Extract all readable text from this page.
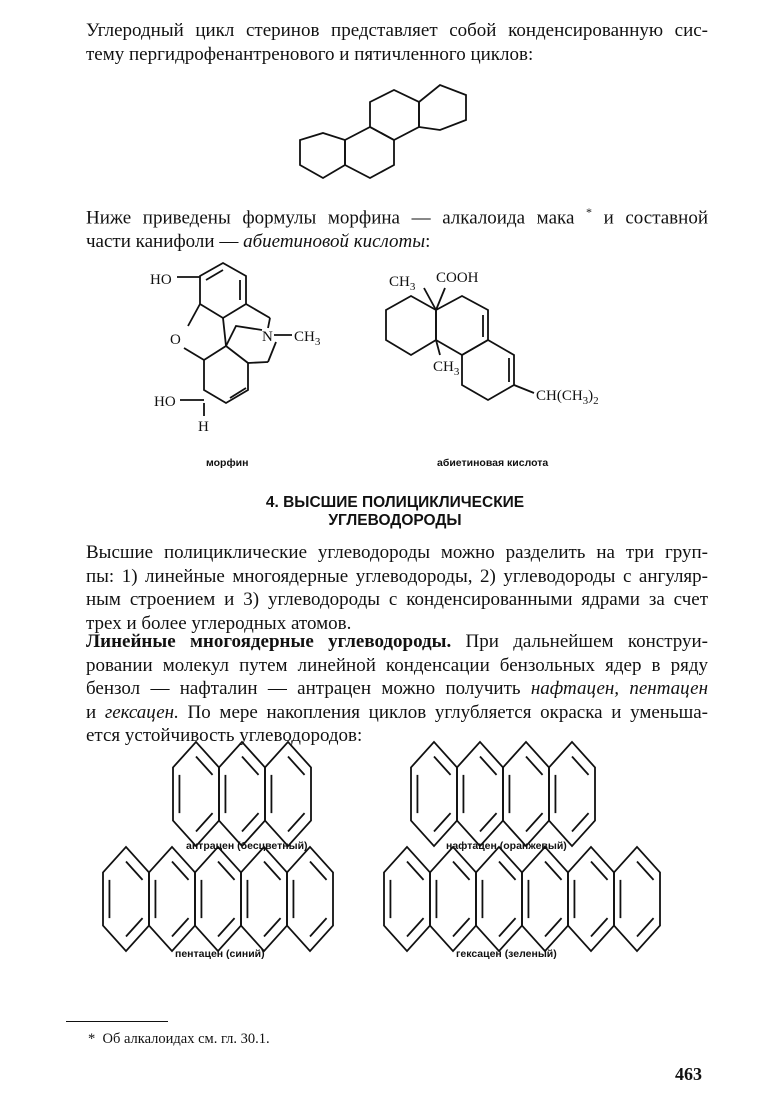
Углеродный цикл стеринов представляет собой конденсированную сис-
тему пергидрофенантренового и пятичленного циклов:
Ниже приведены формулы морфина — алкалоида мака * и составной
части канифоли — абиетиновой кислоты:
HO
O	N $CH_3$
HO
H
морфин
$CH_3$
COOH
$CH_3$
$CH(CH_3)_2$
абиетиновая кислота
4. ВЫСШИЕ ПОЛИЦИКЛИЧЕСКИЕ
УГЛЕВОДОРОДЫ
Высшие полициклические углеводороды можно разделить на три груп-
пы: 1) линейные многоядерные углеводороды, 2) углеводороды с ангуляр-
ным строением и 3) углеводороды с конденсированными ядрами за счет
трех и более углеродных атомов.
Линейные многоядерные углеводороды. При дальнейшем конструи-
ровании молекул путем линейной конденсации бензольных ядер в ряду
бензол — нафталин — антрацен можно получить нафтацен, пентацен
и гексацен. По мере накопления циклов углубляется окраска и уменьша-
ется устойчивость углеводородов:
антрацен (бесцветный)	нафтацен (оранжевый)
пентацен (синий)	гексацен (зеленый)
* Об алкалоидах см. гл. 30.1.
463
